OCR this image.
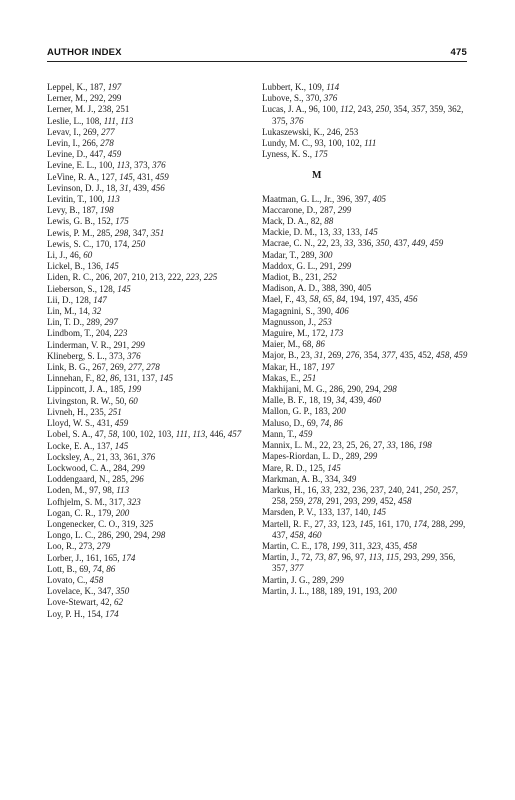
AUTHOR INDEX	475
Leppel, K., 187, 197
Lerner, M., 292, 299
Lerner, M. J., 238, 251
Leslie, L., 108, 111, 113
Levav, I., 269, 277
Levin, I., 266, 278
Levine, D., 447, 459
Levine, E. L., 100, 113, 373, 376
LeVine, R. A., 127, 145, 431, 459
Levinson, D. J., 18, 31, 439, 456
Levitin, T., 100, 113
Levy, B., 187, 198
Lewis, G. B., 152, 175
Lewis, P. M., 285, 298, 347, 351
Lewis, S. C., 170, 174, 250
Li, J., 46, 60
Lickel, B., 136, 145
Liden, R. C., 206, 207, 210, 213, 222, 223, 225
Lieberson, S., 128, 145
Lii, D., 128, 147
Lin, M., 14, 32
Lin, T. D., 289, 297
Lindbom, T., 204, 223
Linderman, V. R., 291, 299
Klineberg, S. L., 373, 376
Link, B. G., 267, 269, 277, 278
Linnehan, F., 82, 86, 131, 137, 145
Lippincott, J. A., 185, 199
Livingston, R. W., 50, 60
Livneh, H., 235, 251
Lloyd, W. S., 431, 459
Lobel, S. A., 47, 58, 100, 102, 103, 111, 113, 446, 457
Locke, E. A., 137, 145
Locksley, A., 21, 33, 361, 376
Lockwood, C. A., 284, 299
Loddengaard, N., 285, 296
Loden, M., 97, 98, 113
Lofhjelm, S. M., 317, 323
Logan, C. R., 179, 200
Longenecker, C. O., 319, 325
Longo, L. C., 286, 290, 294, 298
Loo, R., 273, 279
Lorber, J., 161, 165, 174
Lott, B., 69, 74, 86
Lovato, C., 458
Lovelace, K., 347, 350
Love-Stewart, 42, 62
Loy, P. H., 154, 174
Lubbert, K., 109, 114
Lubove, S., 370, 376
Lucas, J. A., 96, 100, 112, 243, 250, 354, 357, 359, 362, 375, 376
Lukaszewski, K., 246, 253
Lundy, M. C., 93, 100, 102, 111
Lyness, K. S., 175
M
Maatman, G. L., Jr., 396, 397, 405
Maccarone, D., 287, 299
Mack, D. A., 82, 88
Mackie, D. M., 13, 33, 133, 145
Macrae, C. N., 22, 23, 33, 336, 350, 437, 449, 459
Madar, T., 289, 300
Maddox, G. L., 291, 299
Madiot, B., 231, 252
Madison, A. D., 388, 390, 405
Mael, F., 43, 58, 65, 84, 194, 197, 435, 456
Magagnini, S., 390, 406
Magnusson, J., 253
Maguire, M., 172, 173
Maier, M., 68, 86
Major, B., 23, 31, 269, 276, 354, 377, 435, 452, 458, 459
Makar, H., 187, 197
Makas, E., 251
Makhijani, M. G., 286, 290, 294, 298
Malle, B. F., 18, 19, 34, 439, 460
Mallon, G. P., 183, 200
Maluso, D., 69, 74, 86
Mann, T., 459
Mannix, L. M., 22, 23, 25, 26, 27, 33, 186, 198
Mapes-Riordan, L. D., 289, 299
Mare, R. D., 125, 145
Markman, A. B., 334, 349
Markus, H., 16, 33, 232, 236, 237, 240, 241, 250, 257, 258, 259, 278, 291, 293, 299, 452, 458
Marsden, P. V., 133, 137, 140, 145
Martell, R. F., 27, 33, 123, 145, 161, 170, 174, 288, 299, 437, 458, 460
Martin, C. E., 178, 199, 311, 323, 435, 458
Martin, J., 72, 73, 87, 96, 97, 113, 115, 293, 299, 356, 357, 377
Martin, J. G., 289, 299
Martin, J. L., 188, 189, 191, 193, 200
